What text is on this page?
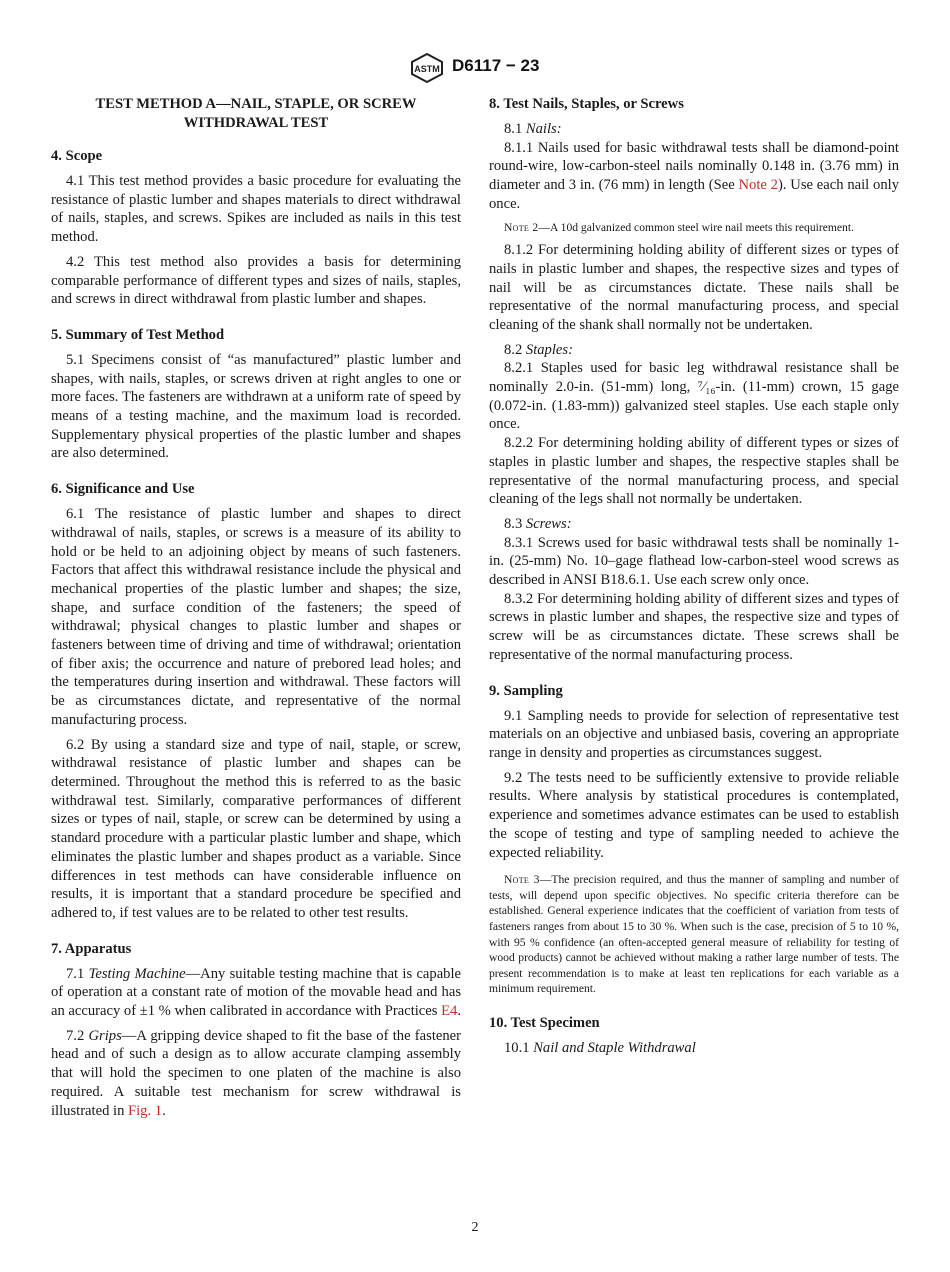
ASTM D6117 − 23
TEST METHOD A—NAIL, STAPLE, OR SCREW WITHDRAWAL TEST
4. Scope

4.1 This test method provides a basic procedure for evaluating the resistance of plastic lumber and shapes materials to direct withdrawal of nails, staples, and screws. Spikes are included as nails in this test method.

4.2 This test method also provides a basis for determining comparable performance of different types and sizes of nails, staples, and screws in direct withdrawal from plastic lumber and shapes.

5. Summary of Test Method

5.1 Specimens consist of “as manufactured” plastic lumber and shapes, with nails, staples, or screws driven at right angles to one or more faces. The fasteners are withdrawn at a uniform rate of speed by means of a testing machine, and the maximum load is recorded. Supplementary physical properties of the plastic lumber and shapes are also determined.

6. Significance and Use

6.1 The resistance of plastic lumber and shapes to direct withdrawal of nails, staples, or screws is a measure of its ability to hold or be held to an adjoining object by means of such fasteners. Factors that affect this withdrawal resistance include the physical and mechanical properties of the plastic lumber and shapes; the size, shape, and surface condition of the fasteners; the speed of withdrawal; physical changes to plastic lumber and shapes or fasteners between time of driving and time of withdrawal; orientation of fiber axis; the occurrence and nature of prebored lead holes; and the temperatures during insertion and withdrawal. These factors will be as circumstances dictate, and representative of the normal manufacturing process.

6.2 By using a standard size and type of nail, staple, or screw, withdrawal resistance of plastic lumber and shapes can be determined. Throughout the method this is referred to as the basic withdrawal test. Similarly, comparative performances of different sizes or types of nail, staple, or screw can be determined by using a standard procedure with a particular plastic lumber and shape, which eliminates the plastic lumber and shapes product as a variable. Since differences in test methods can have considerable influence on results, it is important that a standard procedure be specified and adhered to, if test values are to be related to other test results.

7. Apparatus

7.1 Testing Machine—Any suitable testing machine that is capable of operation at a constant rate of motion of the movable head and has an accuracy of ±1 % when calibrated in accordance with Practices E4.

7.2 Grips—A gripping device shaped to fit the base of the fastener head and of such a design as to allow accurate clamping assembly that will hold the specimen to one platen of the machine is also required. A suitable test mechanism for screw withdrawal is illustrated in Fig. 1.

8. Test Nails, Staples, or Screws

8.1 Nails:

8.1.1 Nails used for basic withdrawal tests shall be diamond-point round-wire, low-carbon-steel nails nominally 0.148 in. (3.76 mm) in diameter and 3 in. (76 mm) in length (See Note 2). Use each nail only once.

Note 2—A 10d galvanized common steel wire nail meets this requirement.

8.1.2 For determining holding ability of different sizes or types of nails in plastic lumber and shapes, the respective sizes and types of nail will be as circumstances dictate. These nails shall be representative of the normal manufacturing process, and special cleaning of the shank shall normally not be undertaken.

8.2 Staples:

8.2.1 Staples used for basic leg withdrawal resistance shall be nominally 2.0-in. (51-mm) long, ⁷⁄₁₆-in. (11-mm) crown, 15 gage (0.072-in. (1.83-mm)) galvanized steel staples. Use each staple only once.

8.2.2 For determining holding ability of different types or sizes of staples in plastic lumber and shapes, the respective staples shall be representative of the normal manufacturing process, and special cleaning of the legs shall not normally be undertaken.

8.3 Screws:

8.3.1 Screws used for basic withdrawal tests shall be nominally 1-in. (25-mm) No. 10–gage flathead low-carbon-steel wood screws as described in ANSI B18.6.1. Use each screw only once.

8.3.2 For determining holding ability of different sizes and types of screws in plastic lumber and shapes, the respective size and types of screw will be as circumstances dictate. These screws shall be representative of the normal manufacturing process.

9. Sampling

9.1 Sampling needs to provide for selection of representative test materials on an objective and unbiased basis, covering an appropriate range in density and properties as circumstances suggest.

9.2 The tests need to be sufficiently extensive to provide reliable results. Where analysis by statistical procedures is contemplated, experience and sometimes advance estimates can be used to establish the scope of testing and type of sampling needed to achieve the expected reliability.

Note 3—The precision required, and thus the manner of sampling and number of tests, will depend upon specific objectives. No specific criteria therefore can be established. General experience indicates that the coefficient of variation from tests of fasteners ranges from about 15 to 30 %. When such is the case, precision of 5 to 10 %, with 95 % confidence (an often-accepted general measure of reliability for testing of wood products) cannot be achieved without making a rather large number of tests. The present recommendation is to make at least ten replications for each variable as a minimum requirement.
10. Test Specimen

10.1 Nail and Staple Withdrawal

2
